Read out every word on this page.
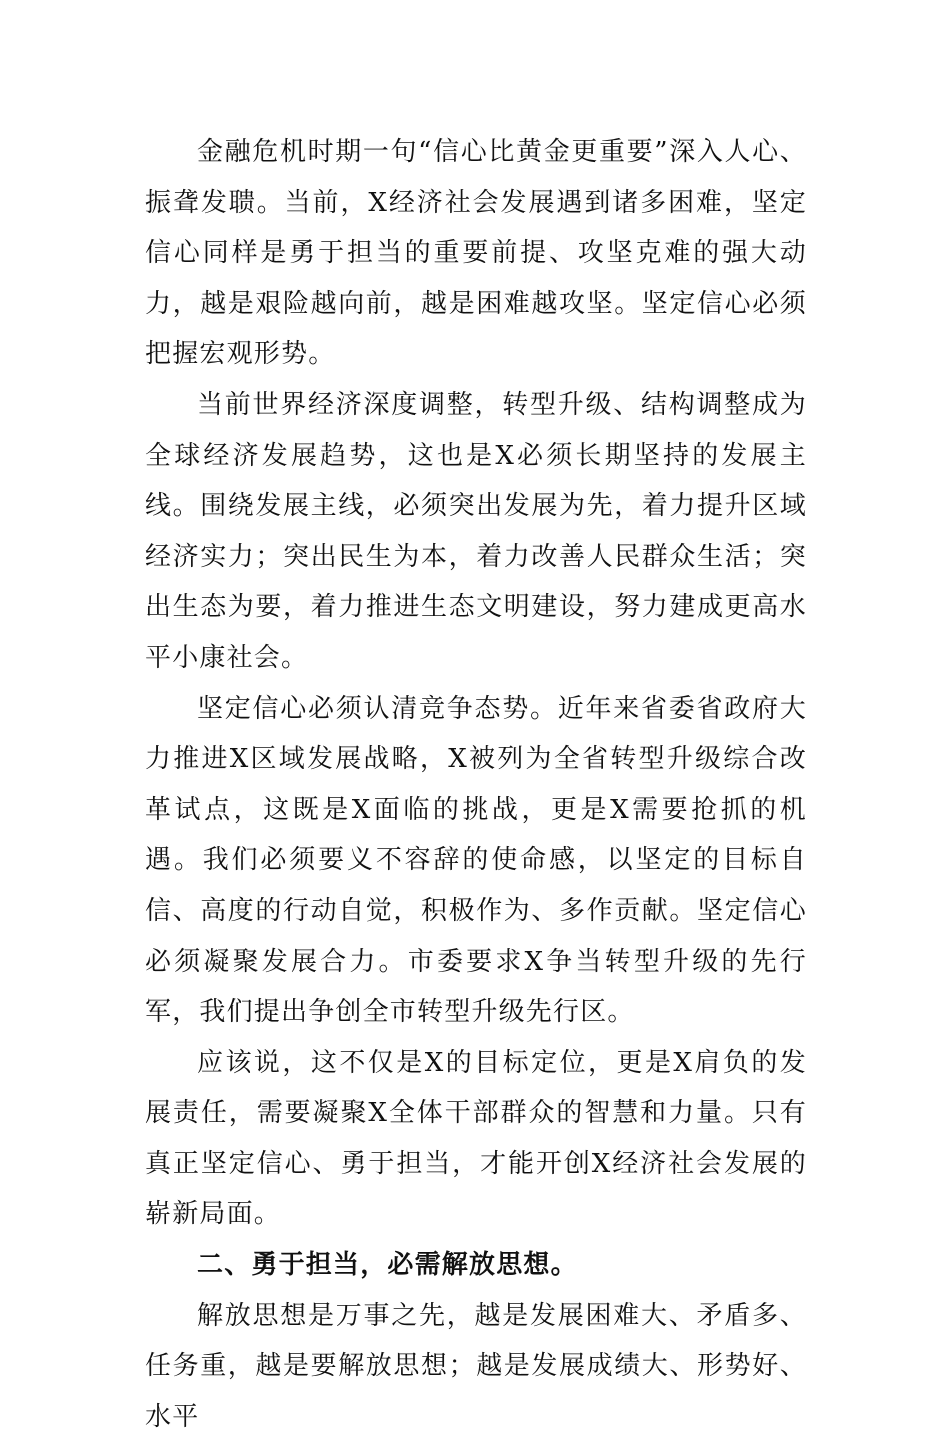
金融危机时期一句“信心比黄金更重要”深入人心、振聋发聩。当前，X经济社会发展遇到诸多困难，坚定信心同样是勇于担当的重要前提、攻坚克难的强大动力，越是艰险越向前，越是困难越攻坚。坚定信心必须把握宏观形势。

当前世界经济深度调整，转型升级、结构调整成为全球经济发展趋势，这也是X必须长期坚持的发展主线。围绕发展主线，必须突出发展为先，着力提升区域经济实力；突出民生为本，着力改善人民群众生活；突出生态为要，着力推进生态文明建设，努力建成更高水平小康社会。

坚定信心必须认清竞争态势。近年来省委省政府大力推进X区域发展战略，X被列为全省转型升级综合改革试点，这既是X面临的挑战，更是X需要抢抓的机遇。我们必须要义不容辞的使命感，以坚定的目标自信、高度的行动自觉，积极作为、多作贡献。坚定信心必须凝聚发展合力。市委要求X争当转型升级的先行军，我们提出争创全市转型升级先行区。

应该说，这不仅是X的目标定位，更是X肩负的发展责任，需要凝聚X全体干部群众的智慧和力量。只有真正坚定信心、勇于担当，才能开创X经济社会发展的崭新局面。

二、勇于担当，必需解放思想。

解放思想是万事之先，越是发展困难大、矛盾多、任务重，越是要解放思想；越是发展成绩大、形势好、水平
